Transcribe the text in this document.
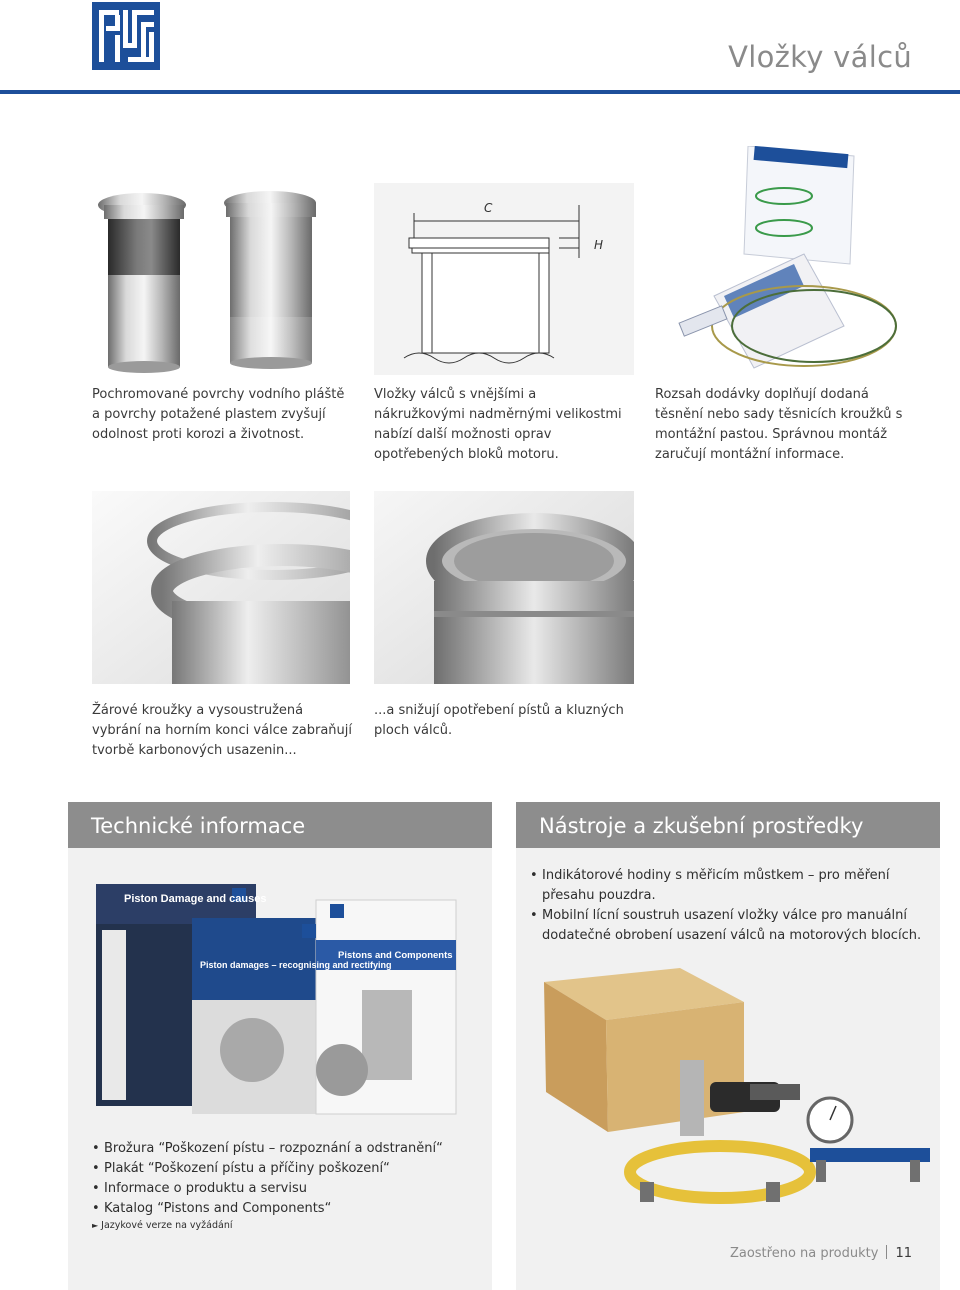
Vložky válců
C
H
Pochromované povrchy vodního pláště a povrchy potažené plastem zvyšují odolnost proti korozi a životnost.
Vložky válců s vnějšími a nákružkovými nadměrnými velikostmi nabízí další možnosti oprav opotřebených bloků motoru.
Rozsah dodávky doplňují dodaná těsnění nebo sady těsnicích kroužků s montážní pastou. Správnou montáž zaručují montážní informace.
Žárové kroužky a vysoustružená vybrání na horním konci válce zabraňují tvorbě karbonových usazenin...
...a snižují opotřebení pístů a kluzných ploch válců.
Technické informace
Piston Damage and causes
Piston damages – recognising and rectifying
Pistons and Components
• Brožura “Poškození pístu – rozpoznání a odstranění“
• Plakát “Poškození pístu a příčiny poškození“
• Informace o produktu a servisu
• Katalog “Pistons and Components“
► Jazykové verze na vyžádání
Nástroje a zkušební prostředky
• Indikátorové hodiny s měřicím můstkem – pro měření přesahu pouzdra.
• Mobilní lícní soustruh usazení vložky válce pro manuální dodatečné obrobení usazení válců na motorových blocích.
Zaostřeno na produkty 11
